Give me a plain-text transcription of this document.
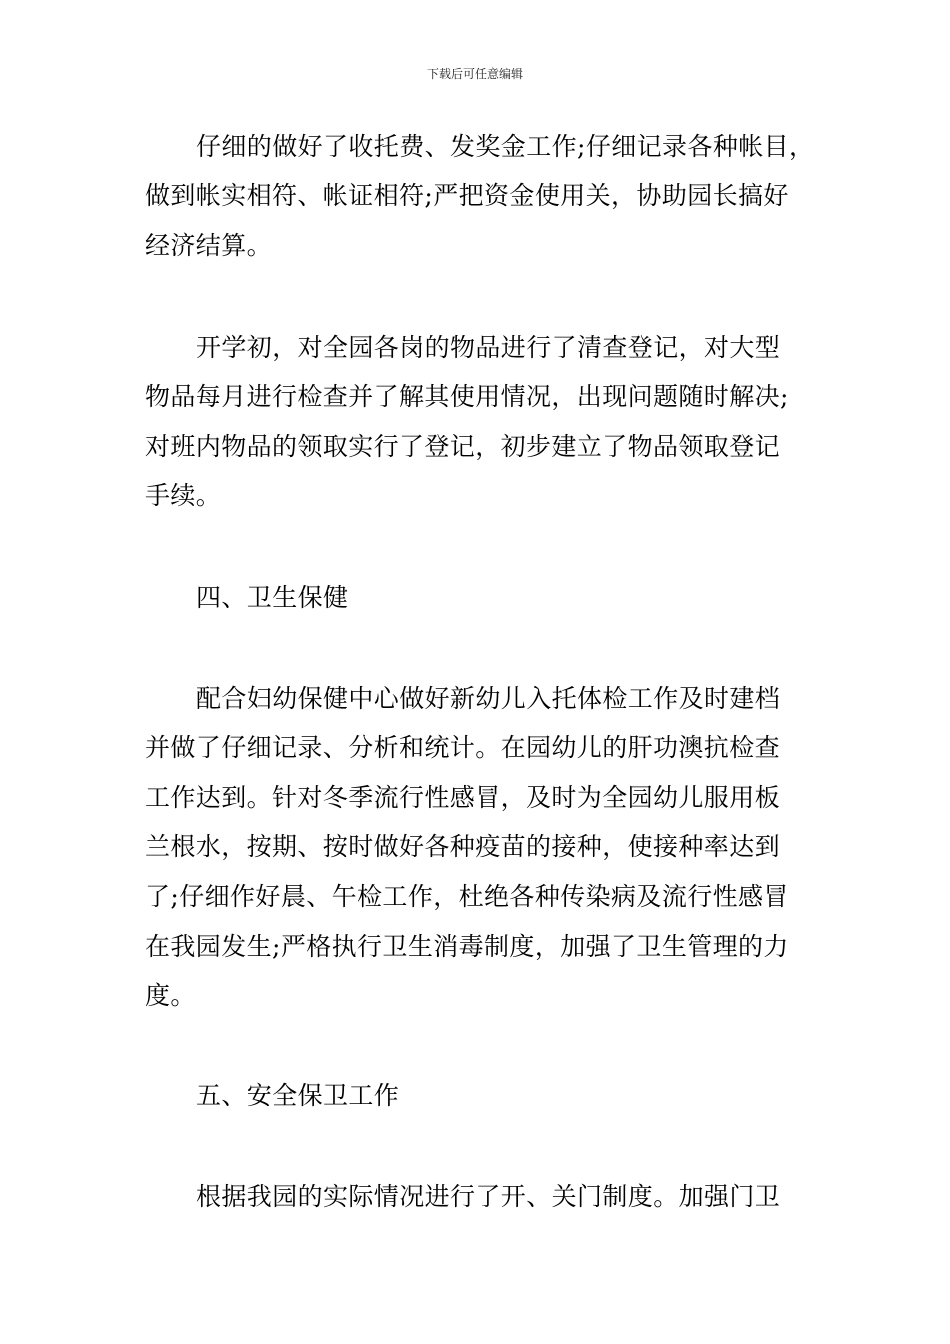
下载后可任意编辑
仔细的做好了收托费、发奖金工作;仔细记录各种帐目，
做到帐实相符、帐证相符;严把资金使用关，协助园长搞好
经济结算。
开学初，对全园各岗的物品进行了清查登记，对大型
物品每月进行检查并了解其使用情况，出现问题随时解决;
对班内物品的领取实行了登记，初步建立了物品领取登记
手续。
四、卫生保健
配合妇幼保健中心做好新幼儿入托体检工作及时建档
并做了仔细记录、分析和统计。在园幼儿的肝功澳抗检查
工作达到。针对冬季流行性感冒，及时为全园幼儿服用板
兰根水，按期、按时做好各种疫苗的接种，使接种率达到
了;仔细作好晨、午检工作，杜绝各种传染病及流行性感冒
在我园发生;严格执行卫生消毒制度，加强了卫生管理的力
度。
五、安全保卫工作
根据我园的实际情况进行了开、关门制度。加强门卫
